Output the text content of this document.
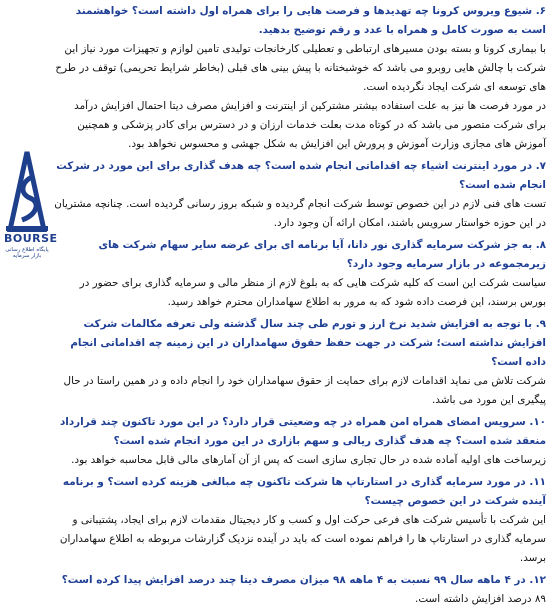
BOURSE
پایگاه اطلاع رسانی بازار سرمایه

۶. شیوع ویروس کرونا چه تهدیدها و فرصت هایی را برای همراه اول داشته است؟ خواهشمند است به صورت کامل و همراه با عدد و رقم توضیح بدهید.

با بیماری کرونا و بسته بودن مسیرهای ارتباطی و تعطیلی کارخانجات تولیدی تامین لوازم و تجهیزات مورد نیاز این شرکت با چالش هایی روبرو می باشد که خوشبختانه با پیش بینی های قبلی (بخاطر شرایط تحریمی) توقف در طرح های توسعه ای شرکت ایجاد نگردیده است.

در مورد فرصت ها نیز به علت استفاده بیشتر مشترکین از اینترنت و افزایش مصرف دیتا احتمال افزایش درآمد برای شرکت متصور می باشد که در کوتاه مدت بعلت خدمات ارزان و در دسترس برای کادر پزشکی و همچنین آموزش های مجازی وزارت آموزش و پرورش این افزایش به شکل جهشی و محسوس نخواهد بود.

۷. در مورد اینترنت اشیاء چه اقداماتی انجام شده است؟ چه هدف گذاری برای این مورد در شرکت انجام شده است؟

تست های فنی لازم در این خصوص توسط شرکت انجام گردیده و شبکه بروز رسانی گردیده است. چنانچه مشتریان در این حوزه خواستار سرویس باشند، امکان ارائه آن وجود دارد.

۸. به جز شرکت سرمایه گذاری نور دانا، آیا برنامه ای برای عرضه سایر سهام شرکت های زیرمجموعه در بازار سرمایه وجود دارد؟

سیاست شرکت این است که کلیه شرکت هایی که به بلوغ لازم از منظر مالی و سرمایه گذاری برای حضور در بورس برسند، این فرصت داده شود که به مرور به اطلاع سهامداران محترم خواهد رسید.

۹. با توجه به افزایش شدید نرخ ارز و تورم طی چند سال گذشته ولی تعرفه مکالمات شرکت افزایش نداشته است؛ شرکت در جهت حفظ حقوق سهامداران در این زمینه چه اقداماتی انجام داده است؟

شرکت تلاش می نماید اقدامات لازم برای حمایت از حقوق سهامداران خود را انجام داده و در همین راستا در حال پیگیری این مورد می باشد.

۱۰. سرویس امضای همراه امن همراه در چه وضعیتی قرار دارد؟ در این مورد تاکنون چند قرارداد منعقد شده است؟ چه هدف گذاری ریالی و سهم بازاری در این مورد انجام شده است؟

زیرساخت های اولیه آماده شده در حال تجاری سازی است که پس از آن آمارهای مالی قابل محاسبه خواهد بود.

۱۱. در مورد سرمایه گذاری در استارتاپ ها شرکت تاکنون چه مبالغی هزینه کرده است؟ و برنامه آینده شرکت در این خصوص چیست؟

این شرکت با تأسیس شرکت های فرعی حرکت اول و کسب و کار دیجیتال مقدمات لازم برای ایجاد، پشتیبانی و سرمایه گذاری در استارتاپ ها را فراهم نموده است که باید در آینده نزدیک گزارشات مربوطه به اطلاع سهامداران برسد.

۱۲. در ۴ ماهه سال ۹۹ نسبت به ۴ ماهه ۹۸ میزان مصرف دیتا چند درصد افزایش پیدا کرده است؟

۸۹ درصد افزایش داشته است.
